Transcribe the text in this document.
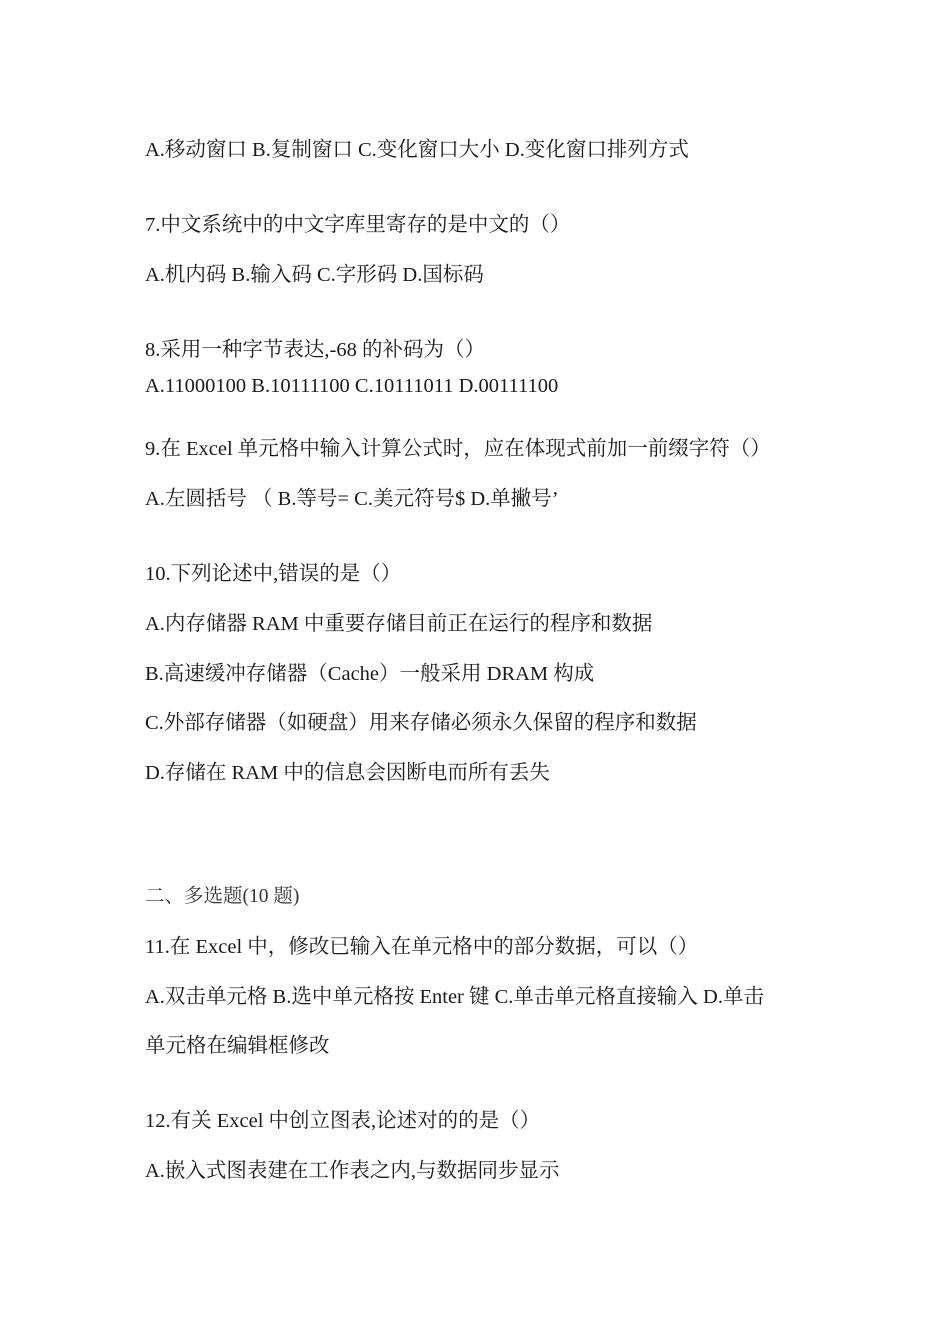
A.移动窗口 B.复制窗口 C.变化窗口大小 D.变化窗口排列方式
7.中文系统中的中文字库里寄存的是中文的（）
A.机内码 B.输入码 C.字形码 D.国标码
8.采用一种字节表达,-68 的补码为（）
A.11000100 B.10111100 C.10111011 D.00111100
9.在 Excel 单元格中输入计算公式时，应在体现式前加一前缀字符（）
A.左圆括号 （ B.等号= C.美元符号$ D.单撇号’
10.下列论述中,错误的是（）
A.内存储器 RAM 中重要存储目前正在运行的程序和数据
B.高速缓冲存储器（Cache）一般采用 DRAM 构成
C.外部存储器（如硬盘）用来存储必须永久保留的程序和数据
D.存储在 RAM 中的信息会因断电而所有丢失
二、多选题(10 题)
11.在 Excel 中，修改已输入在单元格中的部分数据，可以（）
A.双击单元格 B.选中单元格按 Enter 键 C.单击单元格直接输入 D.单击
单元格在编辑框修改
12.有关 Excel 中创立图表,论述对的的是（）
A.嵌入式图表建在工作表之内,与数据同步显示
